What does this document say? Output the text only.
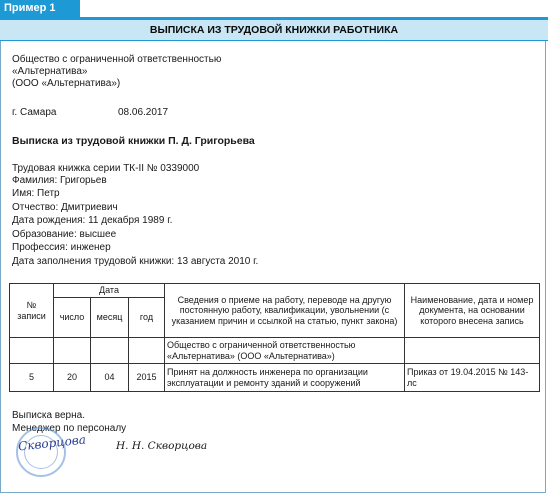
Пример 1
ВЫПИСКА ИЗ ТРУДОВОЙ КНИЖКИ РАБОТНИКА
Общество с ограниченной ответственностью
«Альтернатива»
(ООО «Альтернатива»)
г. Самара	08.06.2017
Выписка из трудовой книжки П. Д. Григорьева
Трудовая книжка серии ТК-II № 0339000
Фамилия: Григорьев
Имя: Петр
Отчество: Дмитриевич
Дата рождения: 11 декабря 1989 г.
Образование: высшее
Профессия: инженер
Дата заполнения трудовой книжки: 13 августа 2010 г.
№ записи	Дата			Сведения о приеме на работу, переводе на другую постоянную работу, квалификации, увольнении (с указанием причин и ссылкой на статью, пункт закона)	Наименование, дата и номер документа, на основании которого внесена запись
	число	месяц	год		
				Общество с ограниченной ответственностью «Альтернатива» (ООО «Альтернатива»)	
5	20	04	2015	Принят на должность инженера по организации эксплуатации и ремонту зданий и сооружений	Приказ от 19.04.2015 № 143-лс
Выписка верна.
Менеджер по персоналу
Скворцова	Н. Н. Скворцова
